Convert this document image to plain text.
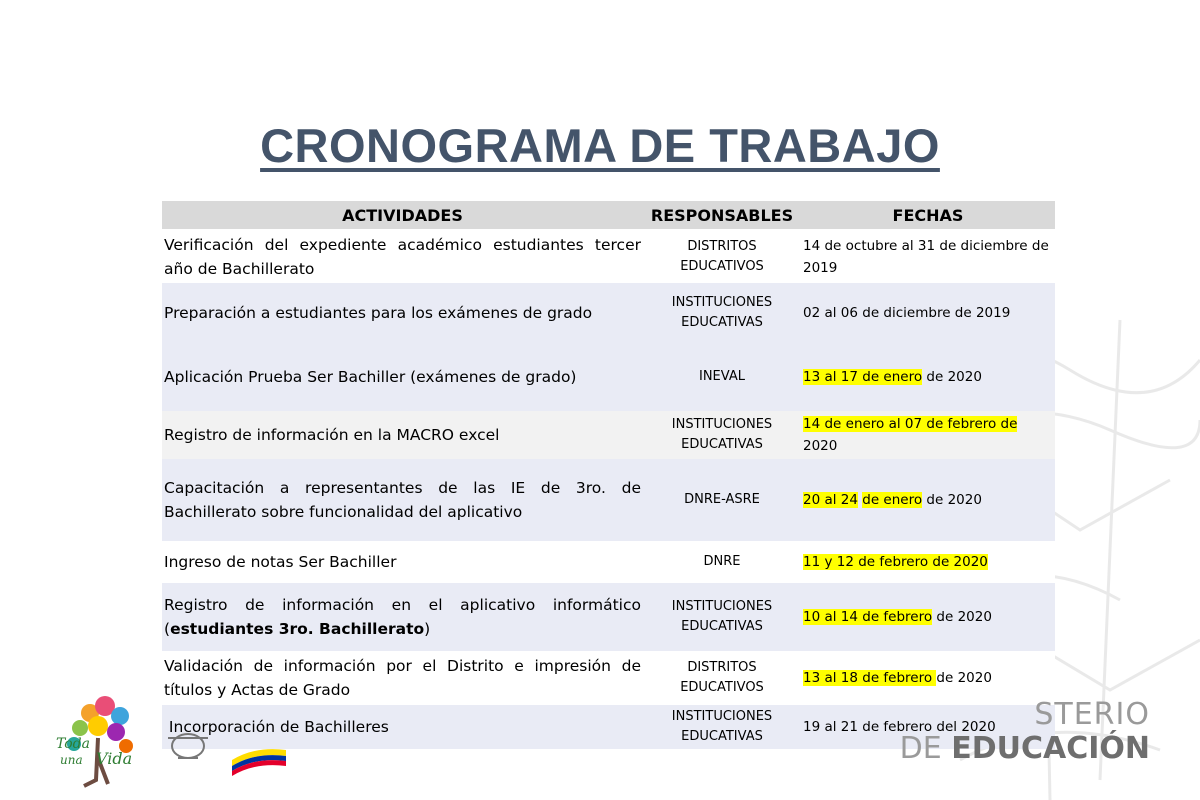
CRONOGRAMA DE TRABAJO
ACTIVIDADES	RESPONSABLES	FECHAS
Verificación del expediente académico estudiantes tercer año de Bachillerato	DISTRITOS EDUCATIVOS	14 de octubre al 31 de diciembre de 2019
Preparación a estudiantes para los exámenes de grado	INSTITUCIONES EDUCATIVAS	02 al 06 de diciembre de 2019
Aplicación Prueba Ser Bachiller (exámenes de grado)	INEVAL	13 al 17 de enero de 2020
Registro de información en la MACRO excel	INSTITUCIONES EDUCATIVAS	14 de enero al 07 de febrero de 2020
Capacitación a representantes de las IE de 3ro. de Bachillerato sobre funcionalidad del aplicativo	DNRE-ASRE	20 al 24 de enero de 2020
Ingreso de notas Ser Bachiller	DNRE	11 y 12 de febrero de 2020
Registro de información en el aplicativo informático (estudiantes 3ro. Bachillerato)	INSTITUCIONES EDUCATIVAS	10 al 14 de febrero de 2020
Validación de información por el Distrito e impresión de títulos y Actas de Grado	DISTRITOS EDUCATIVOS	13 al 18 de febrero de 2020
Incorporación de Bachilleres	INSTITUCIONES EDUCATIVAS	19 al 21 de febrero del 2020
Toda
una Vida
STERIO
DE EDUCACIÓN
